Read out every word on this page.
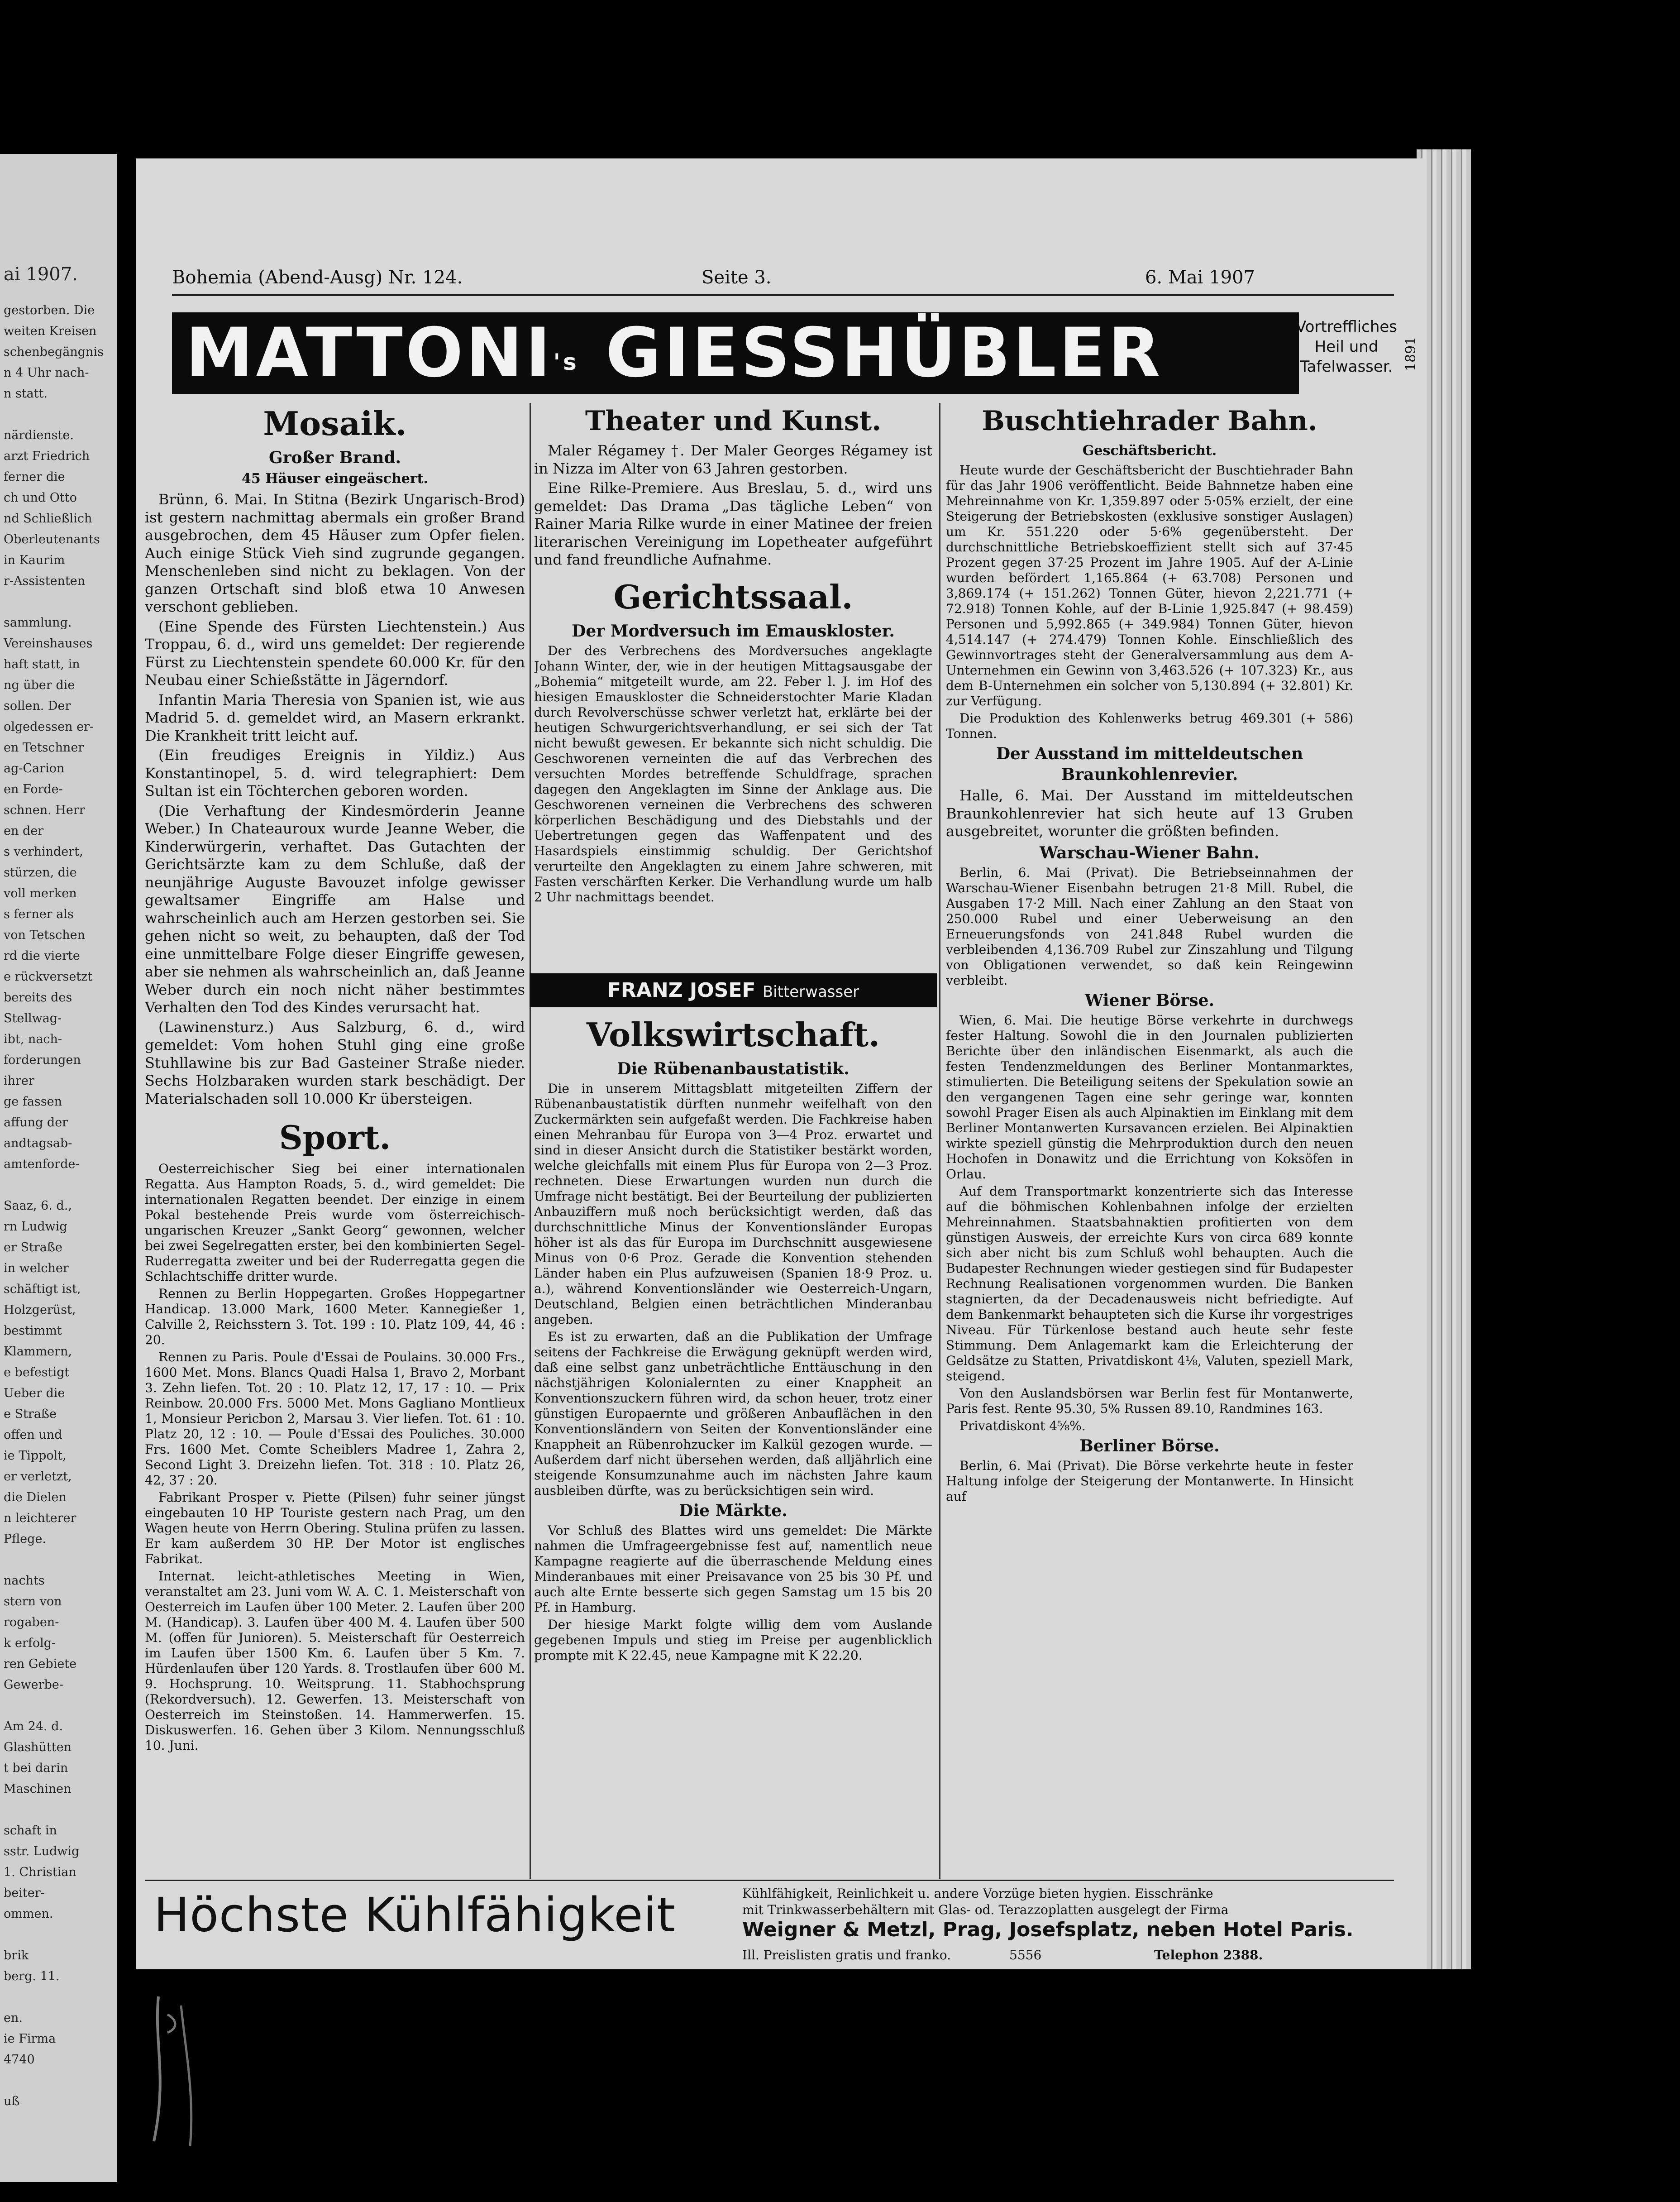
ai 1907.
gestorben. Die
weiten Kreisen
schenbegängnis
n 4 Uhr nach-
n statt.
närdienste.
arzt Friedrich
ferner die
ch und Otto
nd Schließlich
Oberleutenants
in Kaurim
r-Assistenten
sammlung.
Vereinshauses
haft statt, in
ng über die
sollen. Der
olgedessen er-
en Tetschner
ag-Carion
en Forde-
schnen. Herr
en der
s verhindert,
stürzen, die
voll merken
s ferner als
von Tetschen
rd die vierte
e rückversetzt
bereits des
Stellwag-
ibt, nach-
forderungen
ihrer
ge fassen
affung der
andtagsab-
amtenforde-
Saaz, 6. d.,
rn Ludwig
er Straße
in welcher
schäftigt ist,
Holzgerüst,
bestimmt
Klammern,
e befestigt
Ueber die
e Straße
offen und
ie Tippolt,
er verletzt,
die Dielen
n leichterer
Pflege.
nachts
stern von
rogaben-
k erfolg-
ren Gebiete
Gewerbe-
Am 24. d.
Glashütten
t bei darin
Maschinen
schaft in
sstr. Ludwig
1. Christian
beiter-
ommen.
brik
berg. 11.
en.
ie Firma
4740
uß
Bohemia (Abend-Ausg) Nr. 124.	Seite 3.	6. Mai 1907
$MATTONI^{'s}$ GIESSHÜBLER	Vortreffliches
Heil und
Tafelwasser. 1891
Mosaik.
Großer Brand.
45 Häuser eingeäschert.

Brünn, 6. Mai. In Stitna (Bezirk Ungarisch-Brod) ist gestern nachmittag abermals ein großer Brand ausgebrochen, dem 45 Häuser zum Opfer fielen. Auch einige Stück Vieh sind zugrunde gegangen. Menschenleben sind nicht zu beklagen. Von der ganzen Ortschaft sind bloß etwa 10 Anwesen verschont geblieben.

(Eine Spende des Fürsten Liechtenstein.) Aus Troppau, 6. d., wird uns gemeldet: Der regierende Fürst zu Liechtenstein spendete 60.000 Kr. für den Neubau einer Schießstätte in Jägerndorf.

Infantin Maria Theresia von Spanien ist, wie aus Madrid 5. d. gemeldet wird, an Masern erkrankt. Die Krankheit tritt leicht auf.

(Ein freudiges Ereignis in Yildiz.) Aus Konstantinopel, 5. d. wird telegraphiert: Dem Sultan ist ein Töchterchen geboren worden.

(Die Verhaftung der Kindesmörderin Jeanne Weber.) In Chateauroux wurde Jeanne Weber, die Kinderwürgerin, verhaftet. Das Gutachten der Gerichtsärzte kam zu dem Schluße, daß der neunjährige Auguste Bavouzet infolge gewisser gewaltsamer Eingriffe am Halse und wahrscheinlich auch am Herzen gestorben sei. Sie gehen nicht so weit, zu behaupten, daß der Tod eine unmittelbare Folge dieser Eingriffe gewesen, aber sie nehmen als wahrscheinlich an, daß Jeanne Weber durch ein noch nicht näher bestimmtes Verhalten den Tod des Kindes verursacht hat.

(Lawinensturz.) Aus Salzburg, 6. d., wird gemeldet: Vom hohen Stuhl ging eine große Stuhllawine bis zur Bad Gasteiner Straße nieder. Sechs Holzbaraken wurden stark beschädigt. Der Materialschaden soll 10.000 Kr übersteigen.

Sport.

Oesterreichischer Sieg bei einer internationalen Regatta. Aus Hampton Roads, 5. d., wird gemeldet: Die internationalen Regatten beendet. Der einzige in einem Pokal bestehende Preis wurde vom österreichisch-ungarischen Kreuzer „Sankt Georg“ gewonnen, welcher bei zwei Segelregatten erster, bei den kombinierten Segel-Ruderregatta zweiter und bei der Ruderregatta gegen die Schlachtschiffe dritter wurde.

Rennen zu Berlin Hoppegarten. Großes Hoppegartner Handicap. 13.000 Mark, 1600 Meter. Kannegießer 1, Calville 2, Reichsstern 3. Tot. 199 : 10. Platz 109, 44, 46 : 20.

Rennen zu Paris. Poule d'Essai de Poulains. 30.000 Frs., 1600 Met. Mons. Blancs Quadi Halsa 1, Bravo 2, Morbant 3. Zehn liefen. Tot. 20 : 10. Platz 12, 17, 17 : 10. — Prix Reinbow. 20.000 Frs. 5000 Met. Mons Gagliano Montlieux 1, Monsieur Pericbon 2, Marsau 3. Vier liefen. Tot. 61 : 10. Platz 20, 12 : 10. — Poule d'Essai des Pouliches. 30.000 Frs. 1600 Met. Comte Scheiblers Madree 1, Zahra 2, Second Light 3. Dreizehn liefen. Tot. 318 : 10. Platz 26, 42, 37 : 20.

Fabrikant Prosper v. Piette (Pilsen) fuhr seiner jüngst eingebauten 10 HP Touriste gestern nach Prag, um den Wagen heute von Herrn Obering. Stulina prüfen zu lassen. Er kam außerdem 30 HP. Der Motor ist englisches Fabrikat.

Internat. leicht-athletisches Meeting in Wien, veranstaltet am 23. Juni vom W. A. C. 1. Meisterschaft von Oesterreich im Laufen über 100 Meter. 2. Laufen über 200 M. (Handicap). 3. Laufen über 400 M. 4. Laufen über 500 M. (offen für Junioren). 5. Meisterschaft für Oesterreich im Laufen über 1500 Km. 6. Laufen über 5 Km. 7. Hürdenlaufen über 120 Yards. 8. Trostlaufen über 600 M. 9. Hochsprung. 10. Weitsprung. 11. Stabhochsprung (Rekordversuch). 12. Gewerfen. 13. Meisterschaft von Oesterreich im Steinstoßen. 14. Hammerwerfen. 15. Diskuswerfen. 16. Gehen über 3 Kilom. Nennungsschluß 10. Juni.

Theater und Kunst.

Maler Régamey †. Der Maler Georges Régamey ist in Nizza im Alter von 63 Jahren gestorben.

Eine Rilke-Premiere. Aus Breslau, 5. d., wird uns gemeldet: Das Drama „Das tägliche Leben“ von Rainer Maria Rilke wurde in einer Matinee der freien literarischen Vereinigung im Lopetheater aufgeführt und fand freundliche Aufnahme.

Gerichtssaal.
Der Mordversuch im Emauskloster.

Der des Verbrechens des Mordversuches angeklagte Johann Winter, der, wie in der heutigen Mittagsausgabe der „Bohemia“ mitgeteilt wurde, am 22. Feber l. J. im Hof des hiesigen Emauskloster die Schneiderstochter Marie Kladan durch Revolverschüsse schwer verletzt hat, erklärte bei der heutigen Schwurgerichtsverhandlung, er sei sich der Tat nicht bewußt gewesen. Er bekannte sich nicht schuldig. Die Geschworenen verneinten die auf das Verbrechen des versuchten Mordes betreffende Schuldfrage, sprachen dagegen den Angeklagten im Sinne der Anklage aus. Die Geschworenen verneinen die Verbrechens des schweren körperlichen Beschädigung und des Diebstahls und der Uebertretungen gegen das Waffenpatent und des Hasardspiels einstimmig schuldig. Der Gerichtshof verurteilte den Angeklagten zu einem Jahre schweren, mit Fasten verschärften Kerker. Die Verhandlung wurde um halb 2 Uhr nachmittags beendet.

FRANZ JOSEF Bitterwasser
Volkswirtschaft.
Die Rübenanbaustatistik.

Die in unserem Mittagsblatt mitgeteilten Ziffern der Rübenanbaustatistik dürften nunmehr weifelhaft von den Zuckermärkten sein aufgefaßt werden. Die Fachkreise haben einen Mehranbau für Europa von 3—4 Proz. erwartet und sind in dieser Ansicht durch die Statistiker bestärkt worden, welche gleichfalls mit einem Plus für Europa von 2—3 Proz. rechneten. Diese Erwartungen wurden nun durch die Umfrage nicht bestätigt. Bei der Beurteilung der publizierten Anbauziffern muß noch berücksichtigt werden, daß das durchschnittliche Minus der Konventionsländer Europas höher ist als das für Europa im Durchschnitt ausgewiesene Minus von 0·6 Proz. Gerade die Konvention stehenden Länder haben ein Plus aufzuweisen (Spanien 18·9 Proz. u. a.), während Konventionsländer wie Oesterreich-Ungarn, Deutschland, Belgien einen beträchtlichen Minderanbau angeben.

Es ist zu erwarten, daß an die Publikation der Umfrage seitens der Fachkreise die Erwägung geknüpft werden wird, daß eine selbst ganz unbeträchtliche Enttäuschung in den nächstjährigen Kolonialernten zu einer Knappheit an Konventionszuckern führen wird, da schon heuer, trotz einer günstigen Europaernte und größeren Anbauflächen in den Konventionsländern von Seiten der Konventionsländer eine Knappheit an Rübenrohzucker im Kalkül gezogen wurde. — Außerdem darf nicht übersehen werden, daß alljährlich eine steigende Konsumzunahme auch im nächsten Jahre kaum ausbleiben dürfte, was zu berücksichtigen sein wird.

Die Märkte.

Vor Schluß des Blattes wird uns gemeldet: Die Märkte nahmen die Umfrageergebnisse fest auf, namentlich neue Kampagne reagierte auf die überraschende Meldung eines Minderanbaues mit einer Preisavance von 25 bis 30 Pf. und auch alte Ernte besserte sich gegen Samstag um 15 bis 20 Pf. in Hamburg.

Der hiesige Markt folgte willig dem vom Auslande gegebenen Impuls und stieg im Preise per augenblicklich prompte mit K 22.45, neue Kampagne mit K 22.20.

Buschtiehrader Bahn.
Geschäftsbericht.

Heute wurde der Geschäftsbericht der Buschtiehrader Bahn für das Jahr 1906 veröffentlicht. Beide Bahnnetze haben eine Mehreinnahme von Kr. 1,359.897 oder 5·05% erzielt, der eine Steigerung der Betriebskosten (exklusive sonstiger Auslagen) um Kr. 551.220 oder 5·6% gegenübersteht. Der durchschnittliche Betriebskoeffizient stellt sich auf 37·45 Prozent gegen 37·25 Prozent im Jahre 1905. Auf der A-Linie wurden befördert 1,165.864 (+ 63.708) Personen und 3,869.174 (+ 151.262) Tonnen Güter, hievon 2,221.771 (+ 72.918) Tonnen Kohle, auf der B-Linie 1,925.847 (+ 98.459) Personen und 5,992.865 (+ 349.984) Tonnen Güter, hievon 4,514.147 (+ 274.479) Tonnen Kohle. Einschließlich des Gewinnvortrages steht der Generalversammlung aus dem A-Unternehmen ein Gewinn von 3,463.526 (+ 107.323) Kr., aus dem B-Unternehmen ein solcher von 5,130.894 (+ 32.801) Kr. zur Verfügung.

Die Produktion des Kohlenwerks betrug 469.301 (+ 586) Tonnen.

Der Ausstand im mitteldeutschen Braunkohlenrevier.

Halle, 6. Mai. Der Ausstand im mitteldeutschen Braunkohlenrevier hat sich heute auf 13 Gruben ausgebreitet, worunter die größten befinden.

Warschau-Wiener Bahn.

Berlin, 6. Mai (Privat). Die Betriebseinnahmen der Warschau-Wiener Eisenbahn betrugen 21·8 Mill. Rubel, die Ausgaben 17·2 Mill. Nach einer Zahlung an den Staat von 250.000 Rubel und einer Ueberweisung an den Erneuerungsfonds von 241.848 Rubel wurden die verbleibenden 4,136.709 Rubel zur Zinszahlung und Tilgung von Obligationen verwendet, so daß kein Reingewinn verbleibt.

Wiener Börse.

Wien, 6. Mai. Die heutige Börse verkehrte in durchwegs fester Haltung. Sowohl die in den Journalen publizierten Berichte über den inländischen Eisenmarkt, als auch die festen Tendenzmeldungen des Berliner Montanmarktes, stimulierten. Die Beteiligung seitens der Spekulation sowie an den vergangenen Tagen eine sehr geringe war, konnten sowohl Prager Eisen als auch Alpinaktien im Einklang mit dem Berliner Montanwerten Kursavancen erzielen. Bei Alpinaktien wirkte speziell günstig die Mehrproduktion durch den neuen Hochofen in Donawitz und die Errichtung von Koksöfen in Orlau.

Auf dem Transportmarkt konzentrierte sich das Interesse auf die böhmischen Kohlenbahnen infolge der erzielten Mehreinnahmen. Staatsbahnaktien profitierten von dem günstigen Ausweis, der erreichte Kurs von circa 689 konnte sich aber nicht bis zum Schluß wohl behaupten. Auch die Budapester Rechnungen wieder gestiegen sind für Budapester Rechnung Realisationen vorgenommen wurden. Die Banken stagnierten, da der Decadenausweis nicht befriedigte. Auf dem Bankenmarkt behaupteten sich die Kurse ihr vorgestriges Niveau. Für Türkenlose bestand auch heute sehr feste Stimmung. Dem Anlagemarkt kam die Erleichterung der Geldsätze zu Statten, Privatdiskont 4⅛, Valuten, speziell Mark, steigend.

Von den Auslandsbörsen war Berlin fest für Montanwerte, Paris fest. Rente 95.30, 5% Russen 89.10, Randmines 163.

Privatdiskont 4⅝%.

Berliner Börse.

Berlin, 6. Mai (Privat). Die Börse verkehrte heute in fester Haltung infolge der Steigerung der Montanwerte. In Hinsicht auf

Höchste Kühlfähigkeit	Kühlfähigkeit, Reinlichkeit u. andere Vorzüge bieten hygien. Eisschränke
mit Trinkwasserbehältern mit Glas- od. Terazzoplatten ausgelegt der Firma
Weigner & Metzl, Prag, Josefsplatz, neben Hotel Paris.
Ill. Preislisten gratis und franko.	5556	Telephon 2388.
